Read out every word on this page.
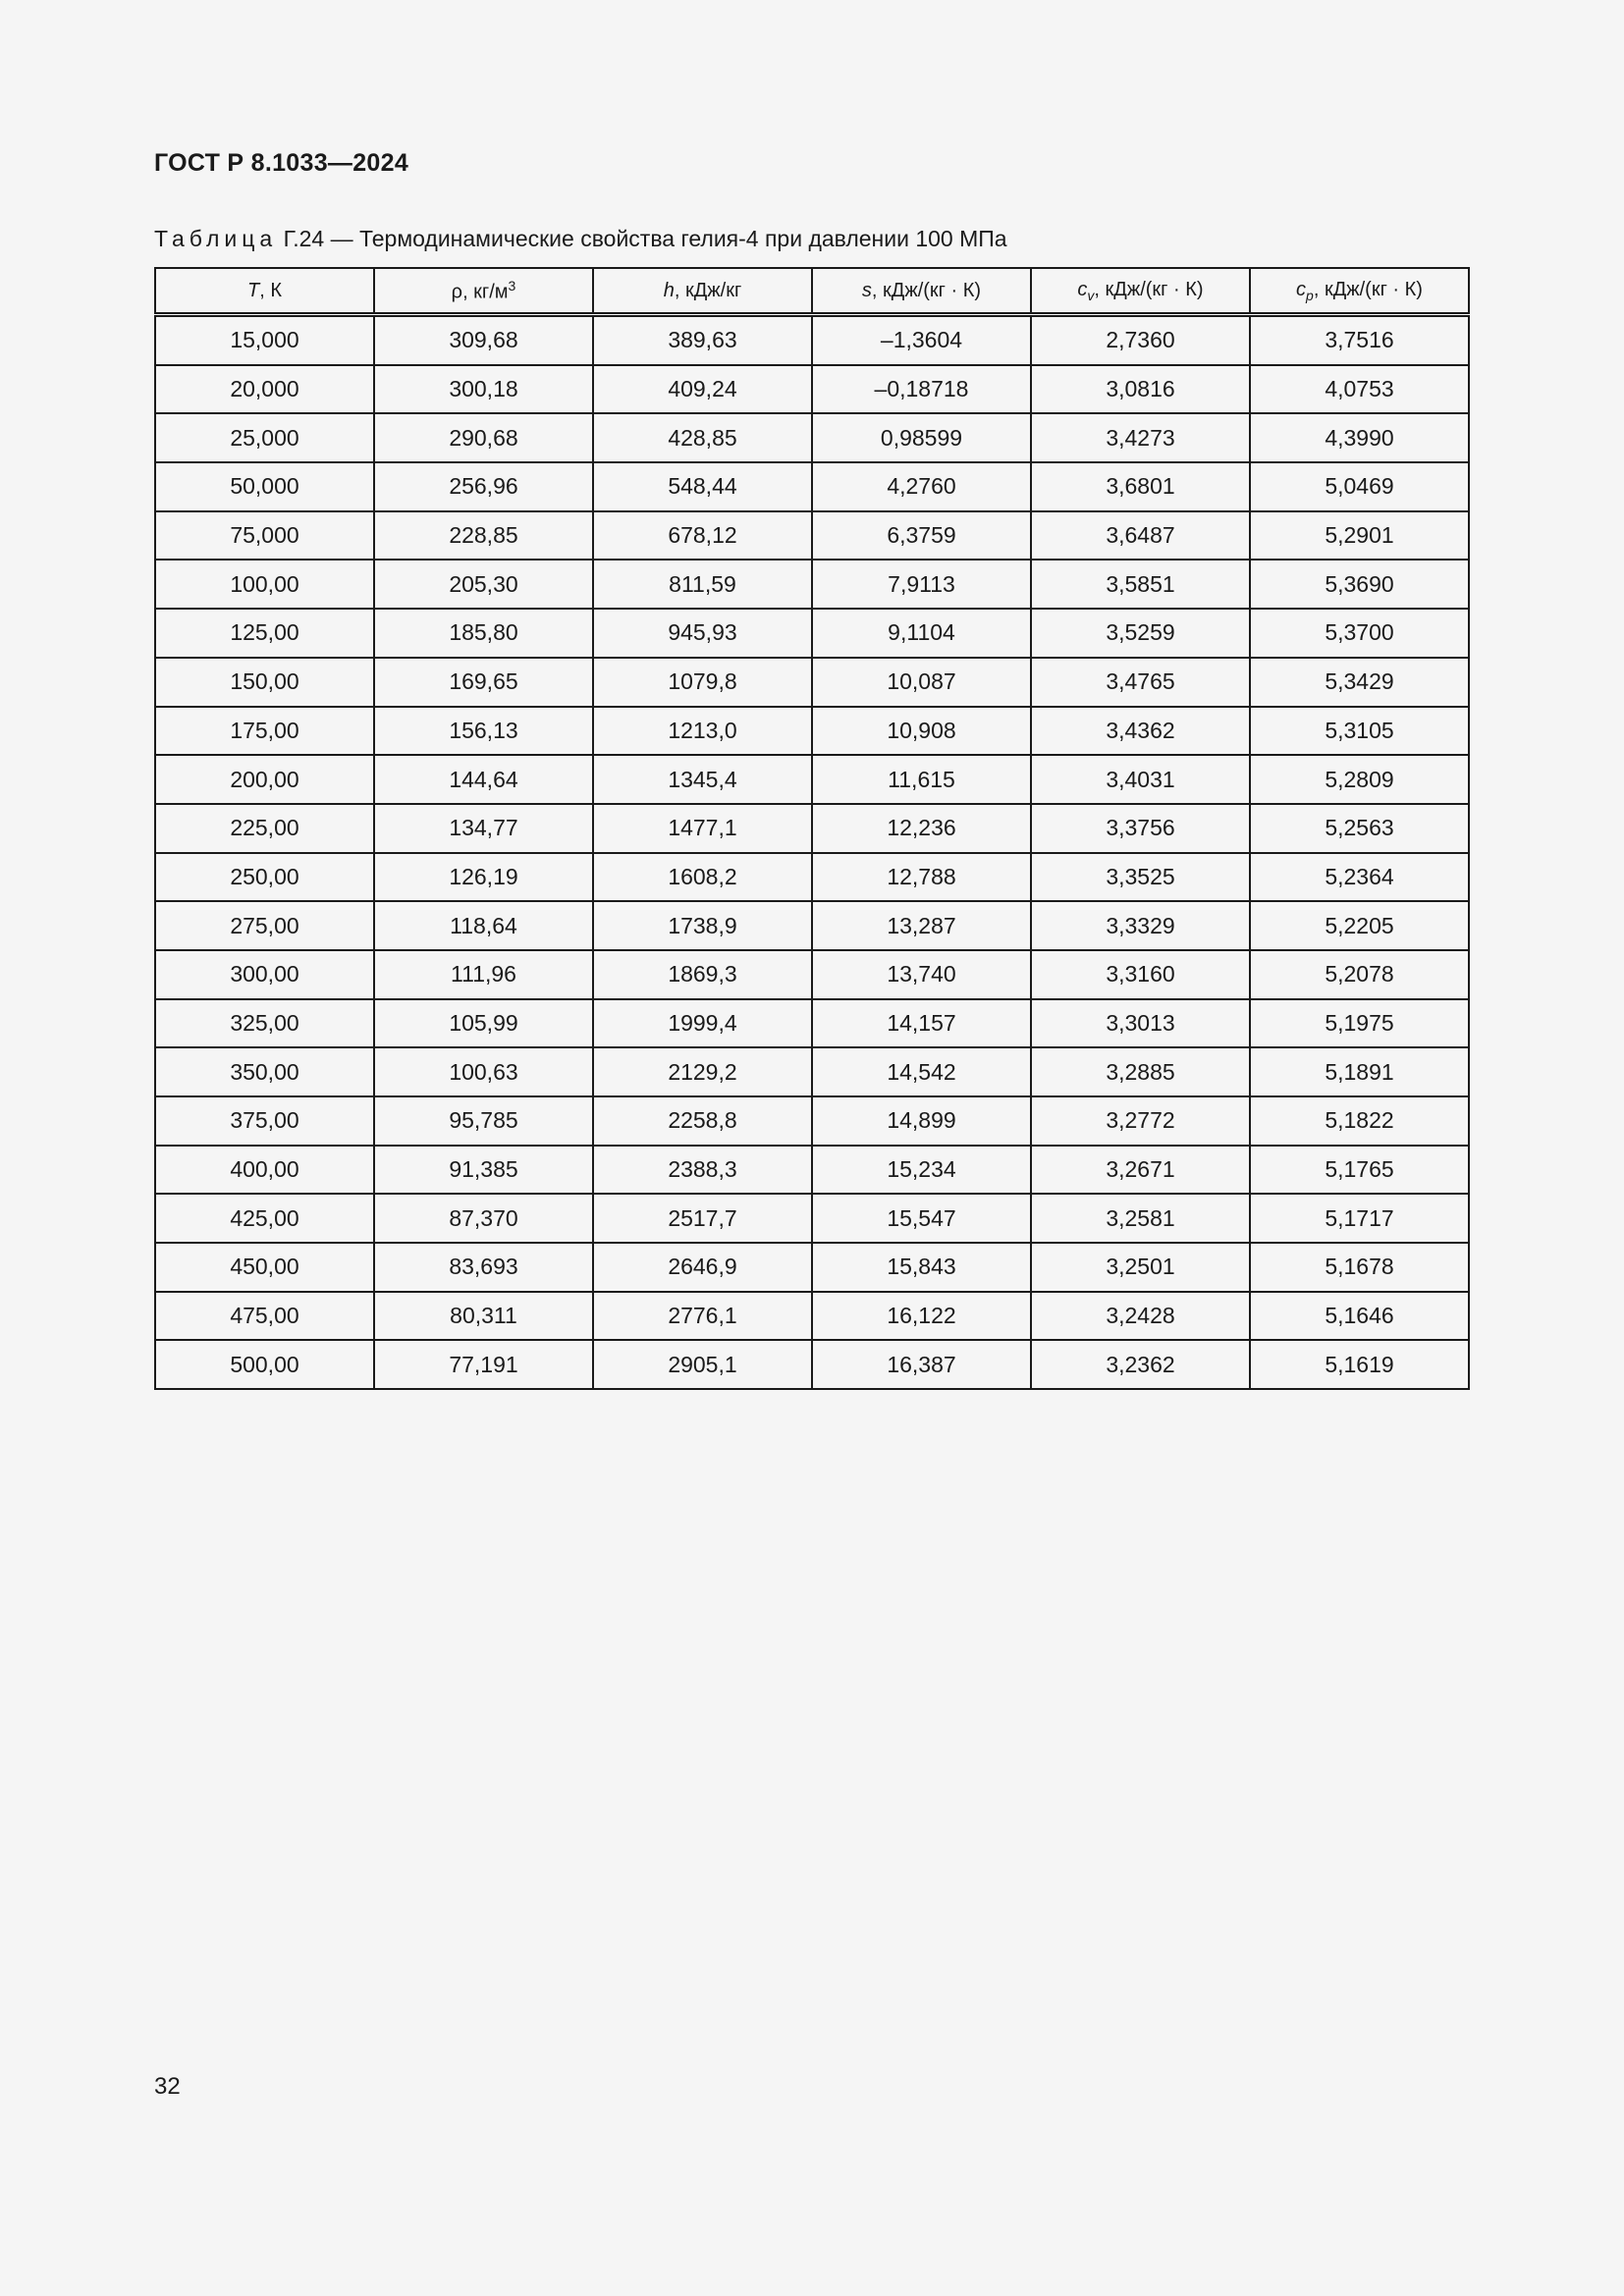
ГОСТ Р 8.1033—2024
Таблица Г.24 — Термодинамические свойства гелия-4 при давлении 100 МПа
T, К	ρ, $кг/м^3$	h, кДж/кг	s, кДж/(кг · К)	$c_v$, кДж/(кг · К)	$c_p$, кДж/(кг · К)
15,000	309,68	389,63	–1,3604	2,7360	3,7516
20,000	300,18	409,24	–0,18718	3,0816	4,0753
25,000	290,68	428,85	0,98599	3,4273	4,3990
50,000	256,96	548,44	4,2760	3,6801	5,0469
75,000	228,85	678,12	6,3759	3,6487	5,2901
100,00	205,30	811,59	7,9113	3,5851	5,3690
125,00	185,80	945,93	9,1104	3,5259	5,3700
150,00	169,65	1079,8	10,087	3,4765	5,3429
175,00	156,13	1213,0	10,908	3,4362	5,3105
200,00	144,64	1345,4	11,615	3,4031	5,2809
225,00	134,77	1477,1	12,236	3,3756	5,2563
250,00	126,19	1608,2	12,788	3,3525	5,2364
275,00	118,64	1738,9	13,287	3,3329	5,2205
300,00	111,96	1869,3	13,740	3,3160	5,2078
325,00	105,99	1999,4	14,157	3,3013	5,1975
350,00	100,63	2129,2	14,542	3,2885	5,1891
375,00	95,785	2258,8	14,899	3,2772	5,1822
400,00	91,385	2388,3	15,234	3,2671	5,1765
425,00	87,370	2517,7	15,547	3,2581	5,1717
450,00	83,693	2646,9	15,843	3,2501	5,1678
475,00	80,311	2776,1	16,122	3,2428	5,1646
500,00	77,191	2905,1	16,387	3,2362	5,1619
32
